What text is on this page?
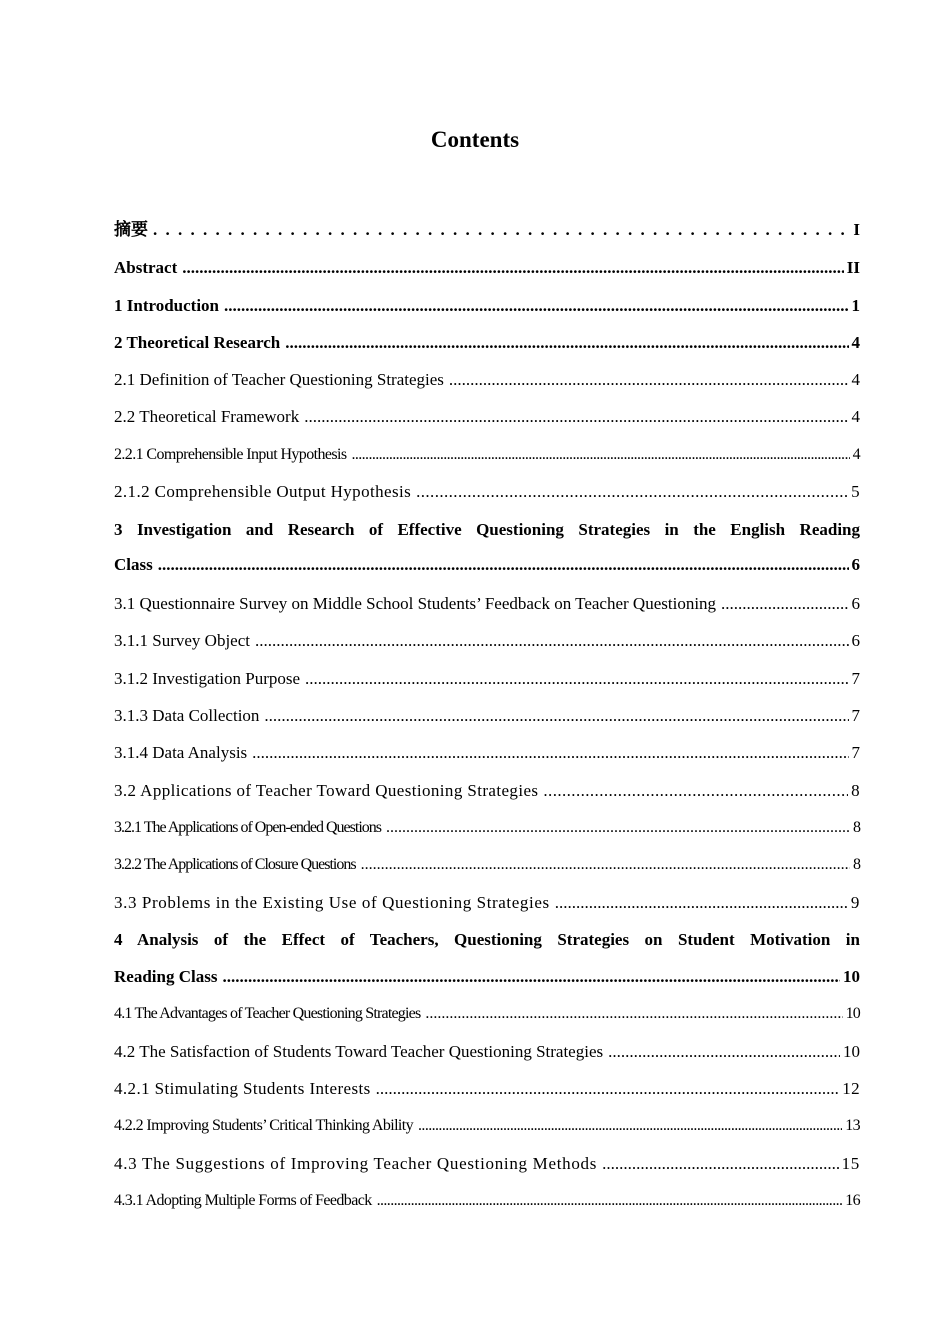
Contents
摘要 . . .	I
Abstract .....	II
1 Introduction .....	1
2 Theoretical Research .....	4
2.1 Definition of Teacher Questioning Strategies .....	4
2.2 Theoretical Framework .....	4
2.2.1 Comprehensible Input Hypothesis .....	4
2.1.2 Comprehensible Output Hypothesis .....	5
3 Investigation and Research of Effective Questioning Strategies in the English Reading
Class .....	6
3.1 Questionnaire Survey on Middle School Students’ Feedback on Teacher Questioning .....	6
3.1.1 Survey Object .....	6
3.1.2 Investigation Purpose .....	7
3.1.3 Data Collection .....	7
3.1.4 Data Analysis .....	7
3.2 Applications of Teacher Toward Questioning Strategies .....	8
3.2.1 The Applications of Open-ended Questions .....	8
3.2.2 The Applications of Closure Questions .....	8
3.3 Problems in the Existing Use of Questioning Strategies .....	9
4 Analysis of the Effect of Teachers, Questioning Strategies on Student Motivation in
Reading Class .....	10
4.1 The Advantages of Teacher Questioning Strategies .....	10
4.2 The Satisfaction of Students Toward Teacher Questioning Strategies .....	10
4.2.1 Stimulating Students Interests .....	12
4.2.2 Improving Students’ Critical Thinking Ability .....	13
4.3 The Suggestions of Improving Teacher Questioning Methods .....	15
4.3.1 Adopting Multiple Forms of Feedback .....	16
